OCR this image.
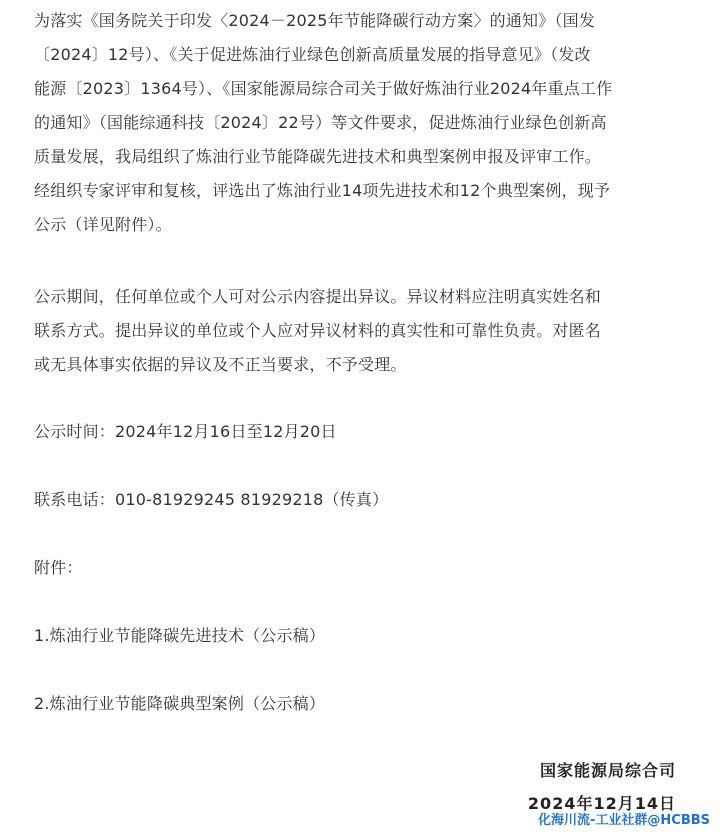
为落实《国务院关于印发〈2024－2025年节能降碳行动方案〉的通知》（国发
〔2024〕12号）、《关于促进炼油行业绿色创新高质量发展的指导意见》（发改
能源〔2023〕1364号）、《国家能源局综合司关于做好炼油行业2024年重点工作
的通知》（国能综通科技〔2024〕22号）等文件要求，促进炼油行业绿色创新高
质量发展，我局组织了炼油行业节能降碳先进技术和典型案例申报及评审工作。
经组织专家评审和复核，评选出了炼油行业14项先进技术和12个典型案例，现予
公示（详见附件）。

公示期间，任何单位或个人可对公示内容提出异议。异议材料应注明真实姓名和
联系方式。提出异议的单位或个人应对异议材料的真实性和可靠性负责。对匿名
或无具体事实依据的异议及不正当要求，不予受理。

公示时间：2024年12月16日至12月20日

联系电话：010-81929245 81929218（传真）

附件：

1.炼油行业节能降碳先进技术（公示稿）

2.炼油行业节能降碳典型案例（公示稿）

国家能源局综合司
2024年12月14日
化海川流-工业社群@HCBBS
